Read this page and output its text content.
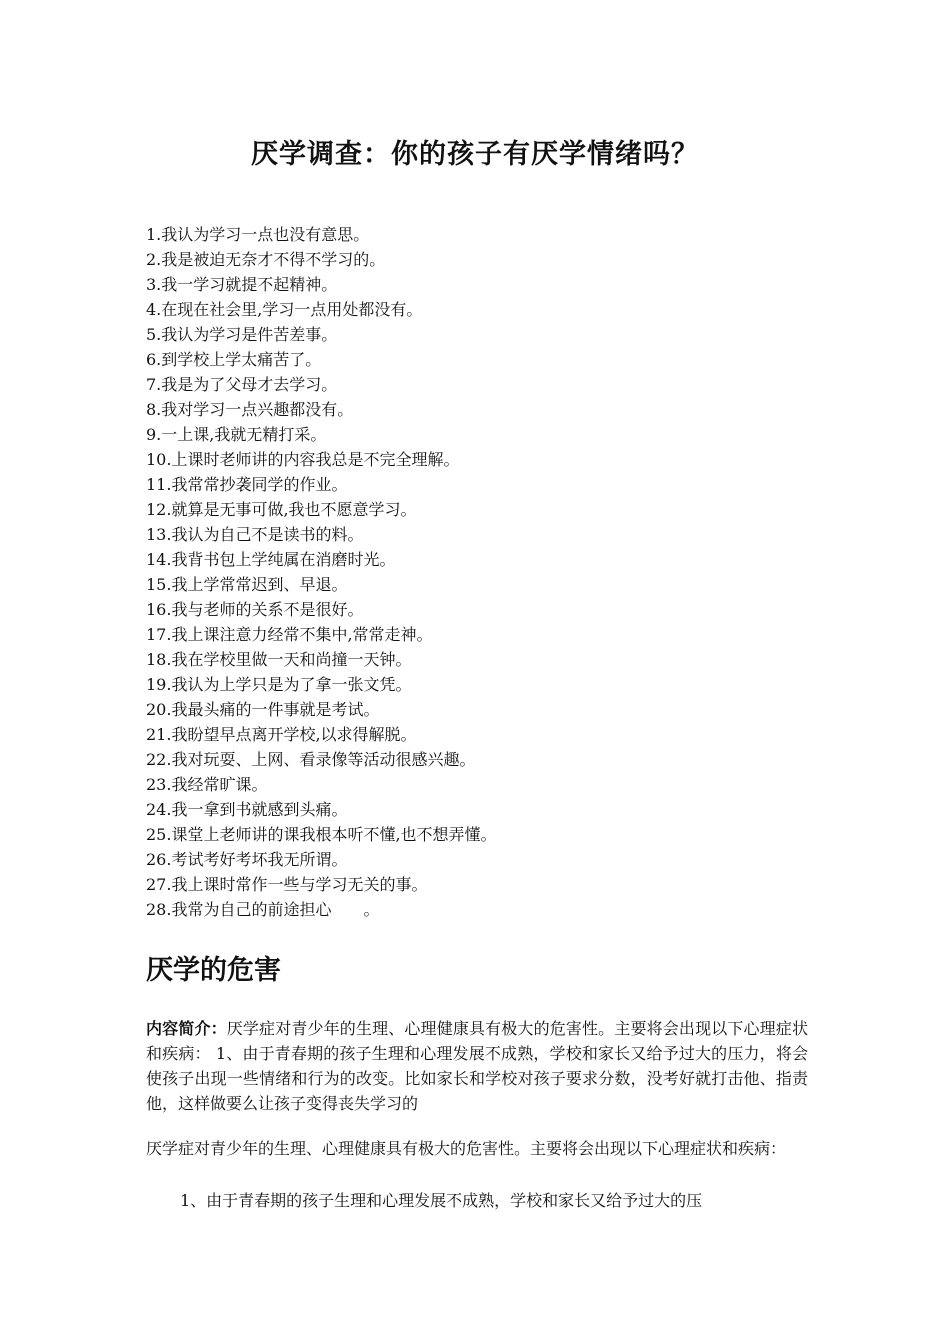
厌学调查：你的孩子有厌学情绪吗？
1.我认为学习一点也没有意思。
2.我是被迫无奈才不得不学习的。
3.我一学习就提不起精神。
4.在现在社会里,学习一点用处都没有。
5.我认为学习是件苦差事。
6.到学校上学太痛苦了。
7.我是为了父母才去学习。
8.我对学习一点兴趣都没有。
9.一上课,我就无精打采。
10.上课时老师讲的内容我总是不完全理解。
11.我常常抄袭同学的作业。
12.就算是无事可做,我也不愿意学习。
13.我认为自己不是读书的料。
14.我背书包上学纯属在消磨时光。
15.我上学常常迟到、早退。
16.我与老师的关系不是很好。
17.我上课注意力经常不集中,常常走神。
18.我在学校里做一天和尚撞一天钟。
19.我认为上学只是为了拿一张文凭。
20.我最头痛的一件事就是考试。
21.我盼望早点离开学校,以求得解脱。
22.我对玩耍、上网、看录像等活动很感兴趣。
23.我经常旷课。
24.我一拿到书就感到头痛。
25.课堂上老师讲的课我根本听不懂,也不想弄懂。
26.考试考好考坏我无所谓。
27.我上课时常作一些与学习无关的事。
28.我常为自己的前途担心　　。
厌学的危害
内容简介：厌学症对青少年的生理、心理健康具有极大的危害性。主要将会出现以下心理症状和疾病： 1、由于青春期的孩子生理和心理发展不成熟，学校和家长又给予过大的压力，将会使孩子出现一些情绪和行为的改变。比如家长和学校对孩子要求分数，没考好就打击他、指责他，这样做要么让孩子变得丧失学习的
厌学症对青少年的生理、心理健康具有极大的危害性。主要将会出现以下心理症状和疾病：
1、由于青春期的孩子生理和心理发展不成熟，学校和家长又给予过大的压
